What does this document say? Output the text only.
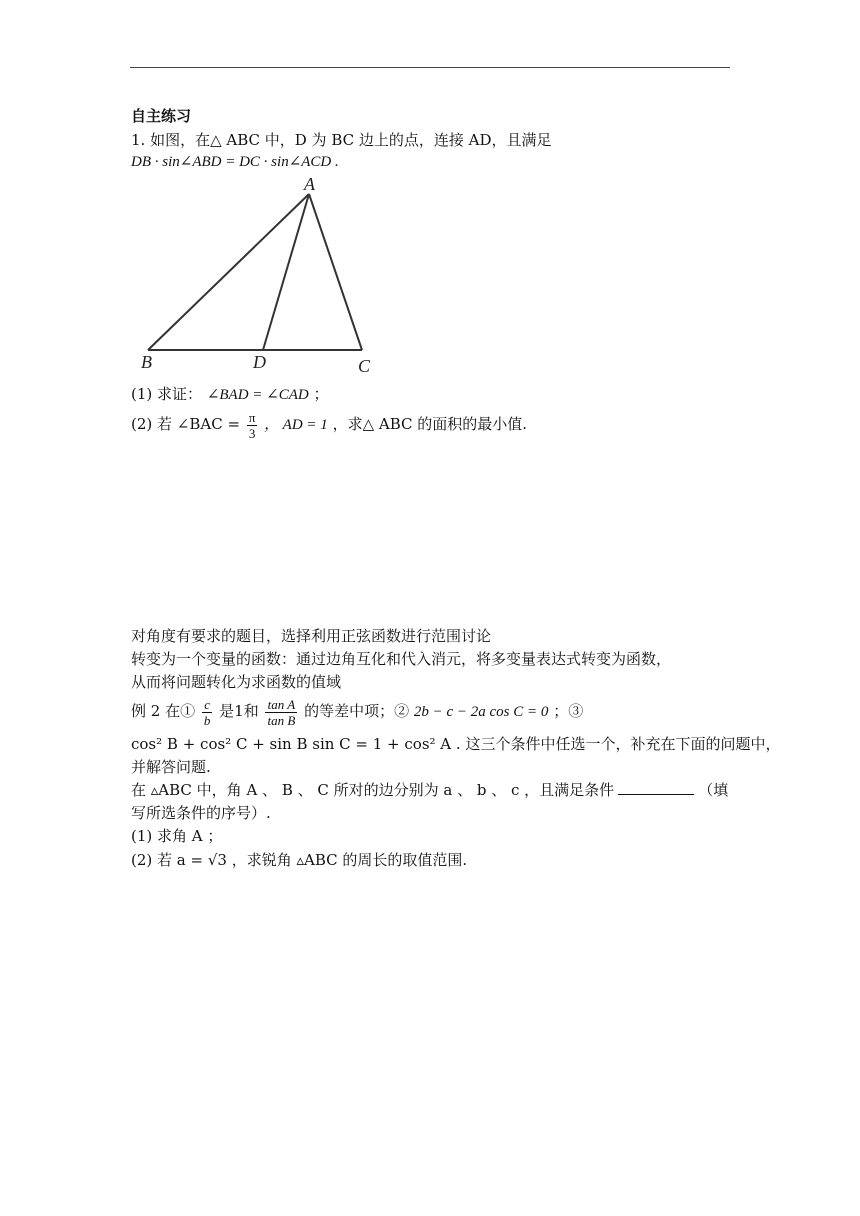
自主练习
1. 如图，在△ ABC 中，D 为 BC 边上的点，连接 AD，且满足
DB · sin∠ABD = DC · sin∠ACD .
A
B	D	C
(1) 求证： ∠BAD = ∠CAD ；
(2) 若 ∠BAC = $\frac{\pi}{3}$ ， AD = 1 ，求△ ABC 的面积的最小值.
对角度有要求的题目，选择利用正弦函数进行范围讨论
转变为一个变量的函数：通过边角互化和代入消元，将多变量表达式转变为函数，
从而将问题转化为求函数的值域
例 2 在① $\frac{c}{b}$ 是1和 $\frac{\text{tan A}}{\text{tan B}}$ 的等差中项；② 2b − c − 2a cos C = 0 ；③
cos² B + cos² C + sin B sin C = 1 + cos² A . 这三个条件中任选一个，补充在下面的问题中，
并解答问题.
在 ▵ABC 中，角 A 、 B 、 C 所对的边分别为 a 、 b 、 c ，且满足条件	（填
写所选条件的序号）.
(1) 求角 A ；
(2) 若 a = √3 ，求锐角 ▵ABC 的周长的取值范围.
